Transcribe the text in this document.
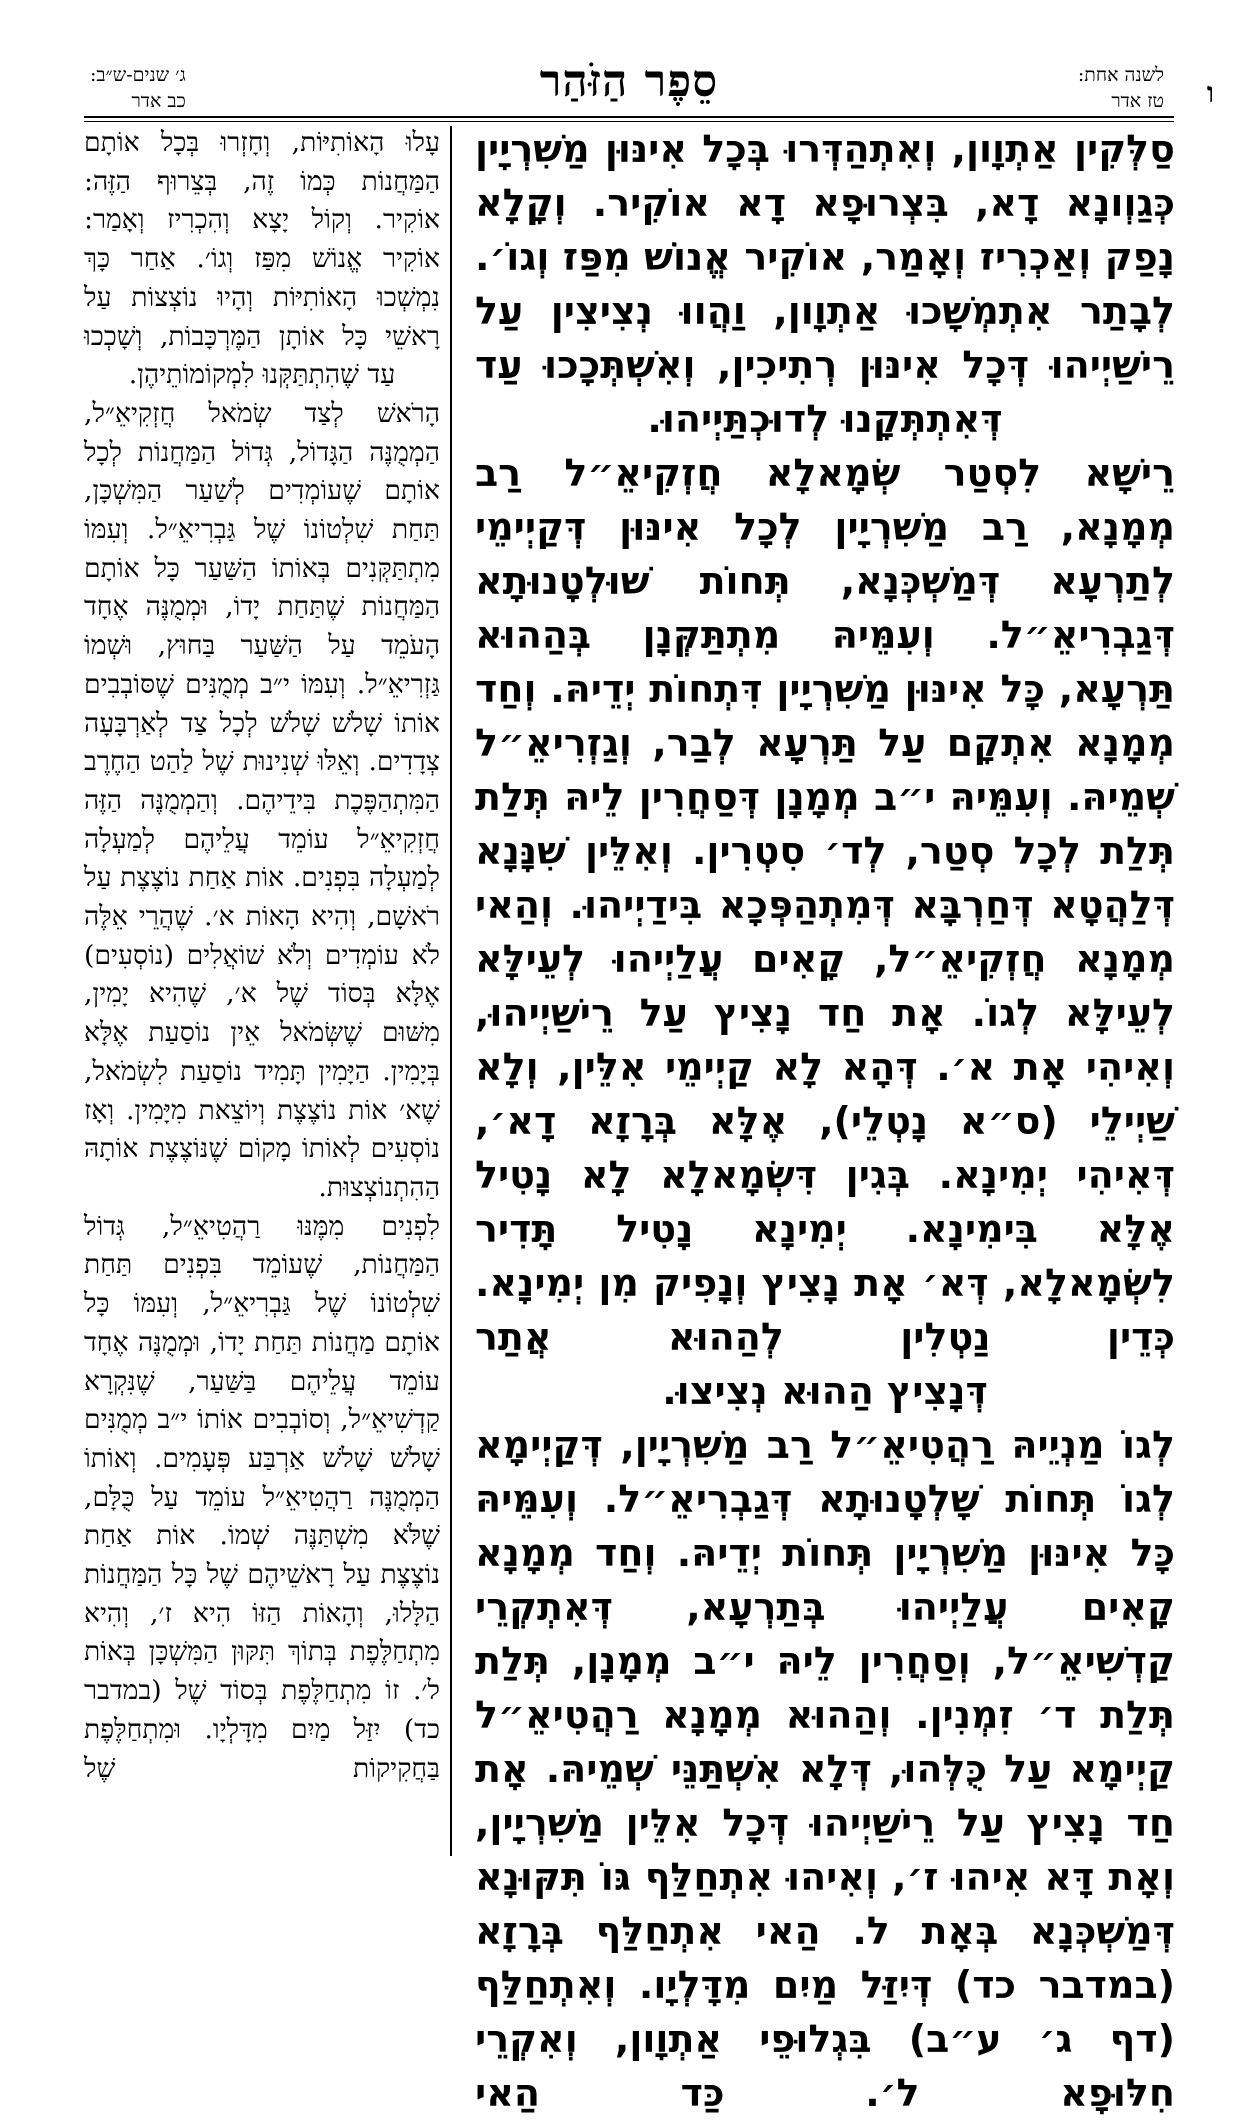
ו
לשנה אחת:
טז אדר
סֵפֶר הַזֹּהַר
ג׳ שנים-ש״ב:
כב אדר

סַלְּקִין אַתְוָון, וְאִתְהַדְּרוּ בְּכָל אִינּוּן מַשִׁרְיָין כְּגַוְונָא דָא, בִּצְרוּפָא דָא אוֹקִיר. וְקָלָא נָפַק וְאַכְרִיז וְאָמַר, אוֹקִיר אֱנוֹשׁ מִפַּז וְגוֹ׳. לְבָתַר אִתְמְשָׁכוּ אַתְוָון, וַהֲווּ נְצִיצִין עַל רֵישַׁיְיהוּ דְּכָל אִינּוּן רְתִיכִין, וְאִשְׁתְּכָכוּ עַד

דְּאִתְתְּקָנוּ לְדוּכְתַּיְיהוּ.

רֵישָׁא לִסְטַר שְׂמָאלָא חֲזְקִיאֵ״ל רַב מְמָנָא, רַב מַשִׁרְיָין לְכָל אִינּוּן דְּקַיְימֵי לְתַרְעָא דְּמַשְׁכְּנָא, תְּחוֹת שׁוּלְטָנוּתָא דְּגַבְרִיאֵ״ל. וְעִמֵּיהּ מִתְתַּקְּנָן בְּהַהוּא תַּרְעָא, כָּל אִינּוּן מַשִׁרְיָין דִּתְחוֹת יְדֵיהּ. וְחַד מְמָנָא אִתְקָם עַל תַּרְעָא לְבַר, וְגַזְרִיאֵ״ל שְׁמֵיהּ. וְעִמֵּיהּ י״ב מְמָנָן דְּסַחֲרִין לֵיהּ תְּלַת תְּלַת לְכָל סְטַר, לְד׳ סִטְרִין. וְאִלֵּין שִׁנָּנָא דְּלַהֲטָא דְּחַרְבָּא דְּמִתְהַפְּכָא בִּידַיְיהוּ. וְהַאי מְמָנָא חֲזְקִיאֵ״ל, קָאִים עֲלַיְיהוּ לְעֵילָּא לְעֵילָּא לְגוֹ. אָת חַד נָצִיץ עַל רֵישַׁיְיהוּ, וְאִיהִי אָת א׳. דְּהָא לָא קַיְימֵי אִלֵּין, וְלָא שַׁיְילֵי (ס״א נָטְלֵי), אֶלָּא בְּרָזָא דָא׳, דְּאִיהִי יְמִינָא. בְּגִין דִּשְׂמָאלָא לָא נָטִיל אֶלָּא בִּימִינָא. יְמִינָא נָטִיל תָּדִיר לִשְׂמָאלָא, דְּא׳ אָת נָצִיץ וְנָפִיק מִן יְמִינָא. כְּדֵין נַטְלִין לְהַהוּא אֲתַר

דְּנָצִיץ הַהוּא נְצִיצוּ.

לְגוֹ מַנְיֵיהּ רַהֲטִיאֵ״ל רַב מַשִׁרְיָין, דְּקַיְימָא לְגוֹ תְּחוֹת שָׁלְטָנוּתָא דְּגַבְרִיאֵ״ל. וְעִמֵּיהּ כָּל אִינּוּן מַשִׁרְיָין תְּחוֹת יְדֵיהּ. וְחַד מְמָנָא קָאִים עֲלַיְיהוּ בְּתַרְעָא, דְּאִתְקְרֵי קַדְשִׁיאֵ״ל, וְסַחֲרִין לֵיהּ י״ב מְמָנָן, תְּלַת תְּלַת ד׳ זִמְנִין. וְהַהוּא מְמָנָא רַהֲטִיאֵ״ל קַיְימָא עַל כֻּלְּהוּ, דְּלָא אִשְׁתַּנֵּי שְׁמֵיהּ. אָת חַד נָצִיץ עַל רֵישַׁיְיהוּ דְּכָל אִלֵּין מַשִׁרְיָין, וְאָת דָּא אִיהוּ ז׳, וְאִיהוּ אִתְחַלַּף גּוֹ תִּקּוּנָא דְּמַשְׁכְּנָא בְּאָת ל. הַאי אִתְחַלַּף בְּרָזָא (במדבר כד) דְּיִזַּל מַיִם מִדָּלְיָו. וְאִתְחַלַּף (דף ג׳ ע״ב) בִּגְלוּפֵי אַתְוָון, וְאִקְרֵי חִלּוּפָא ל׳. כַּד הַאי

עָלוּ הָאוֹתִיּוֹת, וְחָזְרוּ בְּכָל אוֹתָם הַמַּחֲנוֹת כְּמוֹ זֶה, בְּצֵרוּף הַזֶּה: אוֹקִיר. וְקוֹל יָצָא וְהִכְרִיז וְאָמַר: אוֹקִיר אֱנוֹשׁ מִפַּז וְגוֹ׳. אַחַר כָּךְ נִמְשְׁכוּ הָאוֹתִיּוֹת וְהָיוּ נוֹצְצוֹת עַל רָאשֵׁי כָּל אוֹתָן הַמֶּרְכָּבוֹת, וְשָׁכְכוּ

עַד שֶׁהִתְתַּקְּנוּ לִמְקוֹמוֹתֵיהֶן.

הָרֹאשׁ לְצַד שְׂמֹאל חֲזְקִיאֵ״ל, הַמְמֻנֶּה הַגָּדוֹל, גְּדוֹל הַמַּחֲנוֹת לְכָל אוֹתָם שֶׁעוֹמְדִים לְשַׁעַר הַמִּשְׁכָּן, תַּחַת שִׁלְטוֹנוֹ שֶׁל גַּבְרִיאֵ״ל. וְעִמּוֹ מִתְתַּקְּנִים בְּאוֹתוֹ הַשַּׁעַר כָּל אוֹתָם הַמַּחֲנוֹת שֶׁתַּחַת יָדוֹ, וּמְמֻנֶּה אֶחָד הָעֹמֵד עַל הַשַּׁעַר בַּחוּץ, וּשְׁמוֹ גַּזְרִיאֵ״ל. וְעִמּוֹ י״ב מְמֻנִּים שֶׁסּוֹבְבִים אוֹתוֹ שָׁלֹשׁ שָׁלֹשׁ לְכָל צַד לְאַרְבָּעָה צְדָדִים. וְאֵלּוּ שְׁנִינוּת שֶׁל לַהַט הַחֶרֶב הַמִּתְהַפֶּכֶת בִּידֵיהֶם. וְהַמְמֻנֶּה הַזֶּה חֲזְקִיאֵ״ל עוֹמֵד עֲלֵיהֶם לְמַעְלָה לְמַעְלָה בִּפְנִים. אוֹת אַחַת נוֹצֶצֶת עַל רֹאשָׁם, וְהִיא הָאוֹת א׳. שֶׁהֲרֵי אֵלֶּה לֹא עוֹמְדִים וְלֹא שׁוֹאֲלִים (נוֹסְעִים) אֶלָּא בְּסוֹד שֶׁל א׳, שֶׁהִיא יָמִין, מִשּׁוּם שֶׁשְּׂמֹאל אֵין נוֹסַעַת אֶלָּא בְּיָמִין. הַיָּמִין תָּמִיד נוֹסַעַת לִשְׂמֹאל, שֶׁא׳ אוֹת נוֹצֶצֶת וְיוֹצֵאת מִיָּמִין. וְאָז נוֹסְעִים לְאוֹתוֹ מָקוֹם שֶׁנּוֹצֶצֶת אוֹתָהּ הַהִתְנוֹצְצוּת.

לִפְנִים מִמֶּנּוּ רַהֲטִיאֵ״ל, גְּדוֹל הַמַּחֲנוֹת, שֶׁעוֹמֵד בִּפְנִים תַּחַת שִׁלְטוֹנוֹ שֶׁל גַּבְרִיאֵ״ל, וְעִמּוֹ כָּל אוֹתָם מַחֲנוֹת תַּחַת יָדוֹ, וּמְמֻנֶּה אֶחָד עוֹמֵד עֲלֵיהֶם בַּשַּׁעַר, שֶׁנִּקְרָא קַדְשִׁיאֵ״ל, וְסוֹבְבִים אוֹתוֹ י״ב מְמֻנִּים שָׁלֹשׁ שָׁלֹשׁ אַרְבַּע פְּעָמִים. וְאוֹתוֹ הַמְמֻנֶּה רַהֲטִיאֵ״ל עוֹמֵד עַל כֻּלָּם, שֶׁלֹּא מִשְׁתַּנֶּה שְׁמוֹ. אוֹת אַחַת נוֹצֶצֶת עַל רָאשֵׁיהֶם שֶׁל כָּל הַמַּחֲנוֹת הַלָּלוּ, וְהָאוֹת הַזּוֹ הִיא ז׳, וְהִיא מִתְחַלֶּפֶת בְּתוֹךְ תִּקּוּן הַמִּשְׁכָּן בְּאוֹת ל׳. זוֹ מִתְחַלֶּפֶת בְּסוֹד שֶׁל (במדבר כד) יִזַּל מַיִם מִדָּלְיָו. וּמִתְחַלֶּפֶת בַּחֲקִיקוֹת שֶׁל
